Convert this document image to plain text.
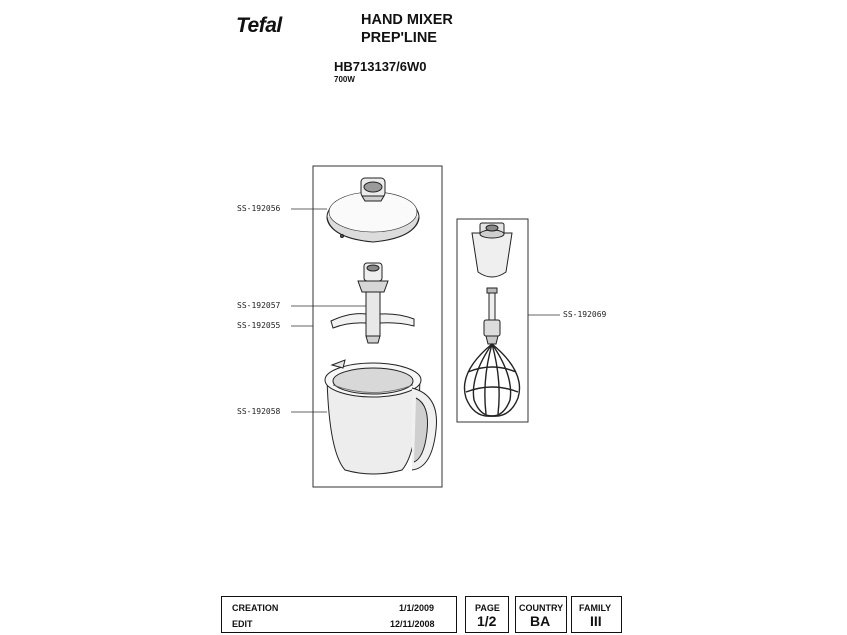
Tefal	HAND MIXER
PREP'LINE
HB713137/6W0
700W
SS-192056
SS-192057
SS-192055
SS-192058
SS-192069
CREATION	1/1/2009
EDIT	12/11/2008
PAGE
1/2
COUNTRY
BA
FAMILY
III
